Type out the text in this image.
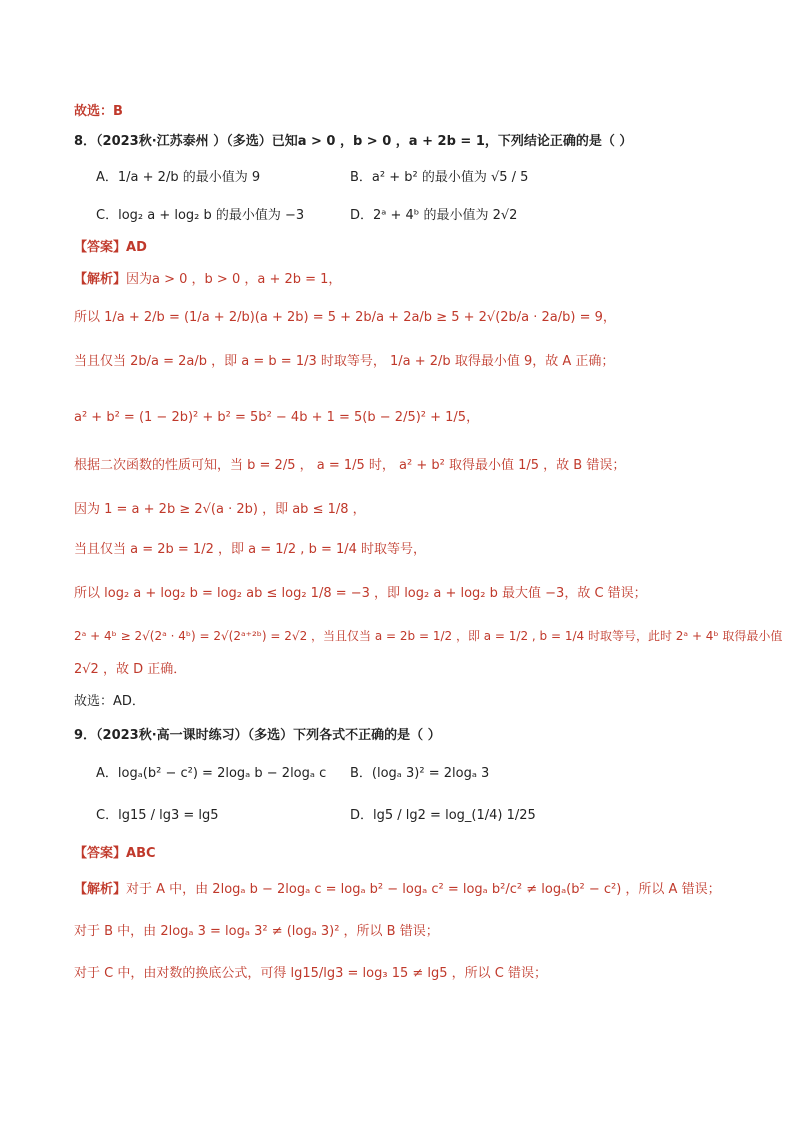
故选：B
8．（2023秋·江苏泰州 ）（多选）已知a > 0 ，b > 0 ，a + 2b = 1，下列结论正确的是（ ）
A．1/a + 2/b 的最小值为 9	B．a² + b² 的最小值为 √5 / 5
C．log₂ a + log₂ b 的最小值为 −3	D．2ᵃ + 4ᵇ 的最小值为 2√2
【答案】AD
【解析】因为a > 0 ，b > 0 ，a + 2b = 1，
所以 1/a + 2/b = (1/a + 2/b)(a + 2b) = 5 + 2b/a + 2a/b ≥ 5 + 2√(2b/a · 2a/b) = 9，
当且仅当 2b/a = 2a/b ，即 a = b = 1/3 时取等号， 1/a + 2/b 取得最小值 9，故 A 正确；
a² + b² = (1 − 2b)² + b² = 5b² − 4b + 1 = 5(b − 2/5)² + 1/5，
根据二次函数的性质可知，当 b = 2/5 ， a = 1/5 时， a² + b² 取得最小值 1/5 ，故 B 错误；
因为 1 = a + 2b ≥ 2√(a · 2b) ，即 ab ≤ 1/8 ，
当且仅当 a = 2b = 1/2 ，即 a = 1/2 , b = 1/4 时取等号，
所以 log₂ a + log₂ b = log₂ ab ≤ log₂ 1/8 = −3 ，即 log₂ a + log₂ b 最大值 −3，故 C 错误；
2ᵃ + 4ᵇ ≥ 2√(2ᵃ · 4ᵇ) = 2√(2ᵃ⁺²ᵇ) = 2√2 ，当且仅当 a = 2b = 1/2 ，即 a = 1/2 , b = 1/4 时取等号，此时 2ᵃ + 4ᵇ 取得最小值
2√2 ，故 D 正确．
故选：AD．
9．（2023秋·高一课时练习）（多选）下列各式不正确的是（ ）
A．logₐ(b² − c²) = 2logₐ b − 2logₐ c B．(logₐ 3)² = 2logₐ 3
C．lg15 / lg3 = lg5	D．lg5 / lg2 = log_(1/4) 1/25
【答案】ABC
【解析】对于 A 中，由 2logₐ b − 2logₐ c = logₐ b² − logₐ c² = logₐ b²/c² ≠ logₐ(b² − c²) ，所以 A 错误；
对于 B 中，由 2logₐ 3 = logₐ 3² ≠ (logₐ 3)² ，所以 B 错误；
对于 C 中，由对数的换底公式，可得 lg15/lg3 = log₃ 15 ≠ lg5 ，所以 C 错误；
